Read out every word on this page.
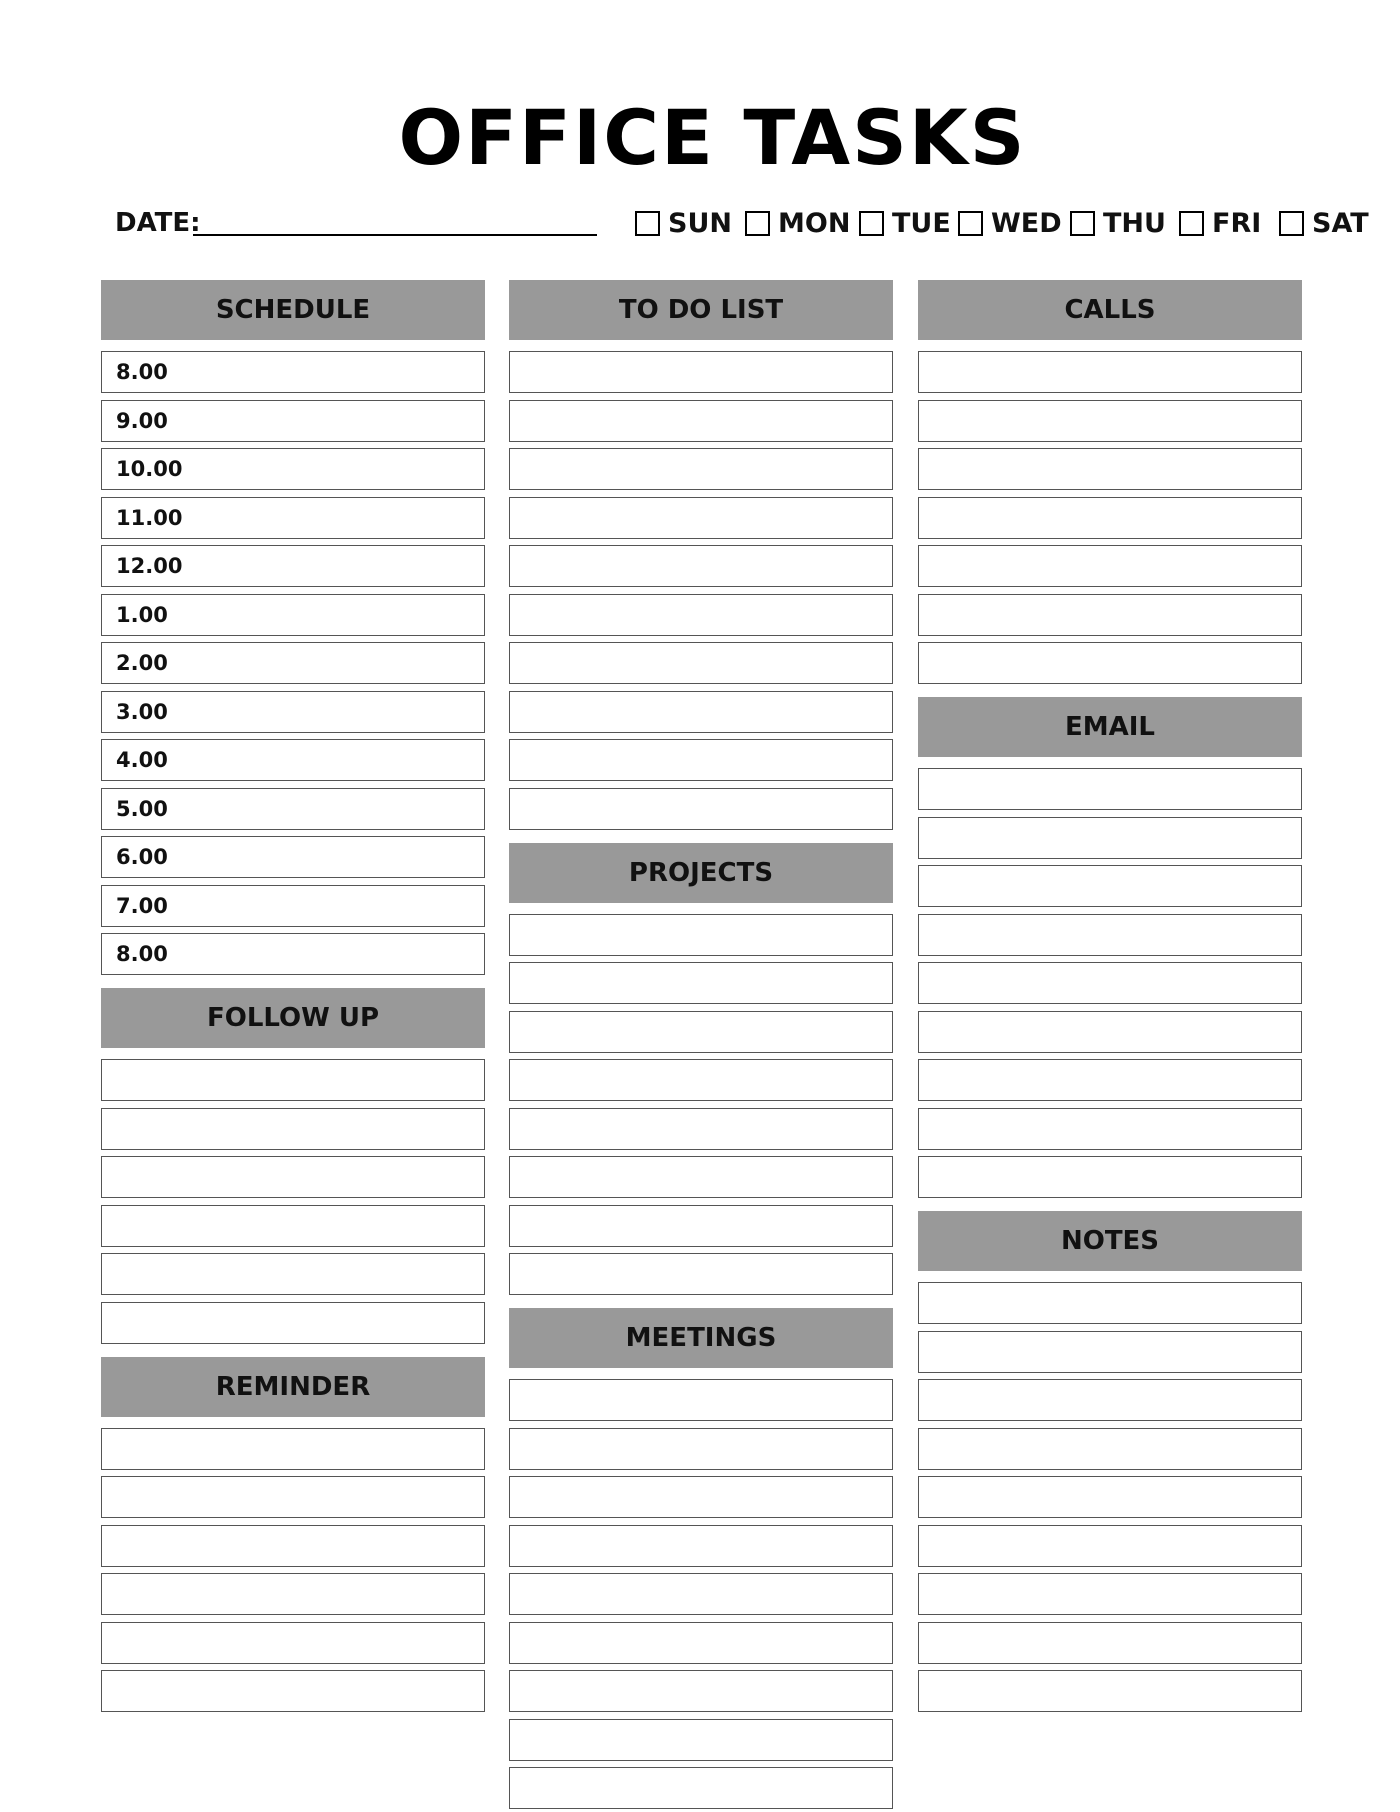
OFFICE TASKS
DATE:	SUN MON TUE WED THU FRI SAT
SCHEDULE
8.00
9.00
10.00
11.00
12.00
1.00
2.00
3.00
4.00
5.00
6.00
7.00
8.00
FOLLOW UP
REMINDER
TO DO LIST
PROJECTS
MEETINGS
CALLS
EMAIL
NOTES
